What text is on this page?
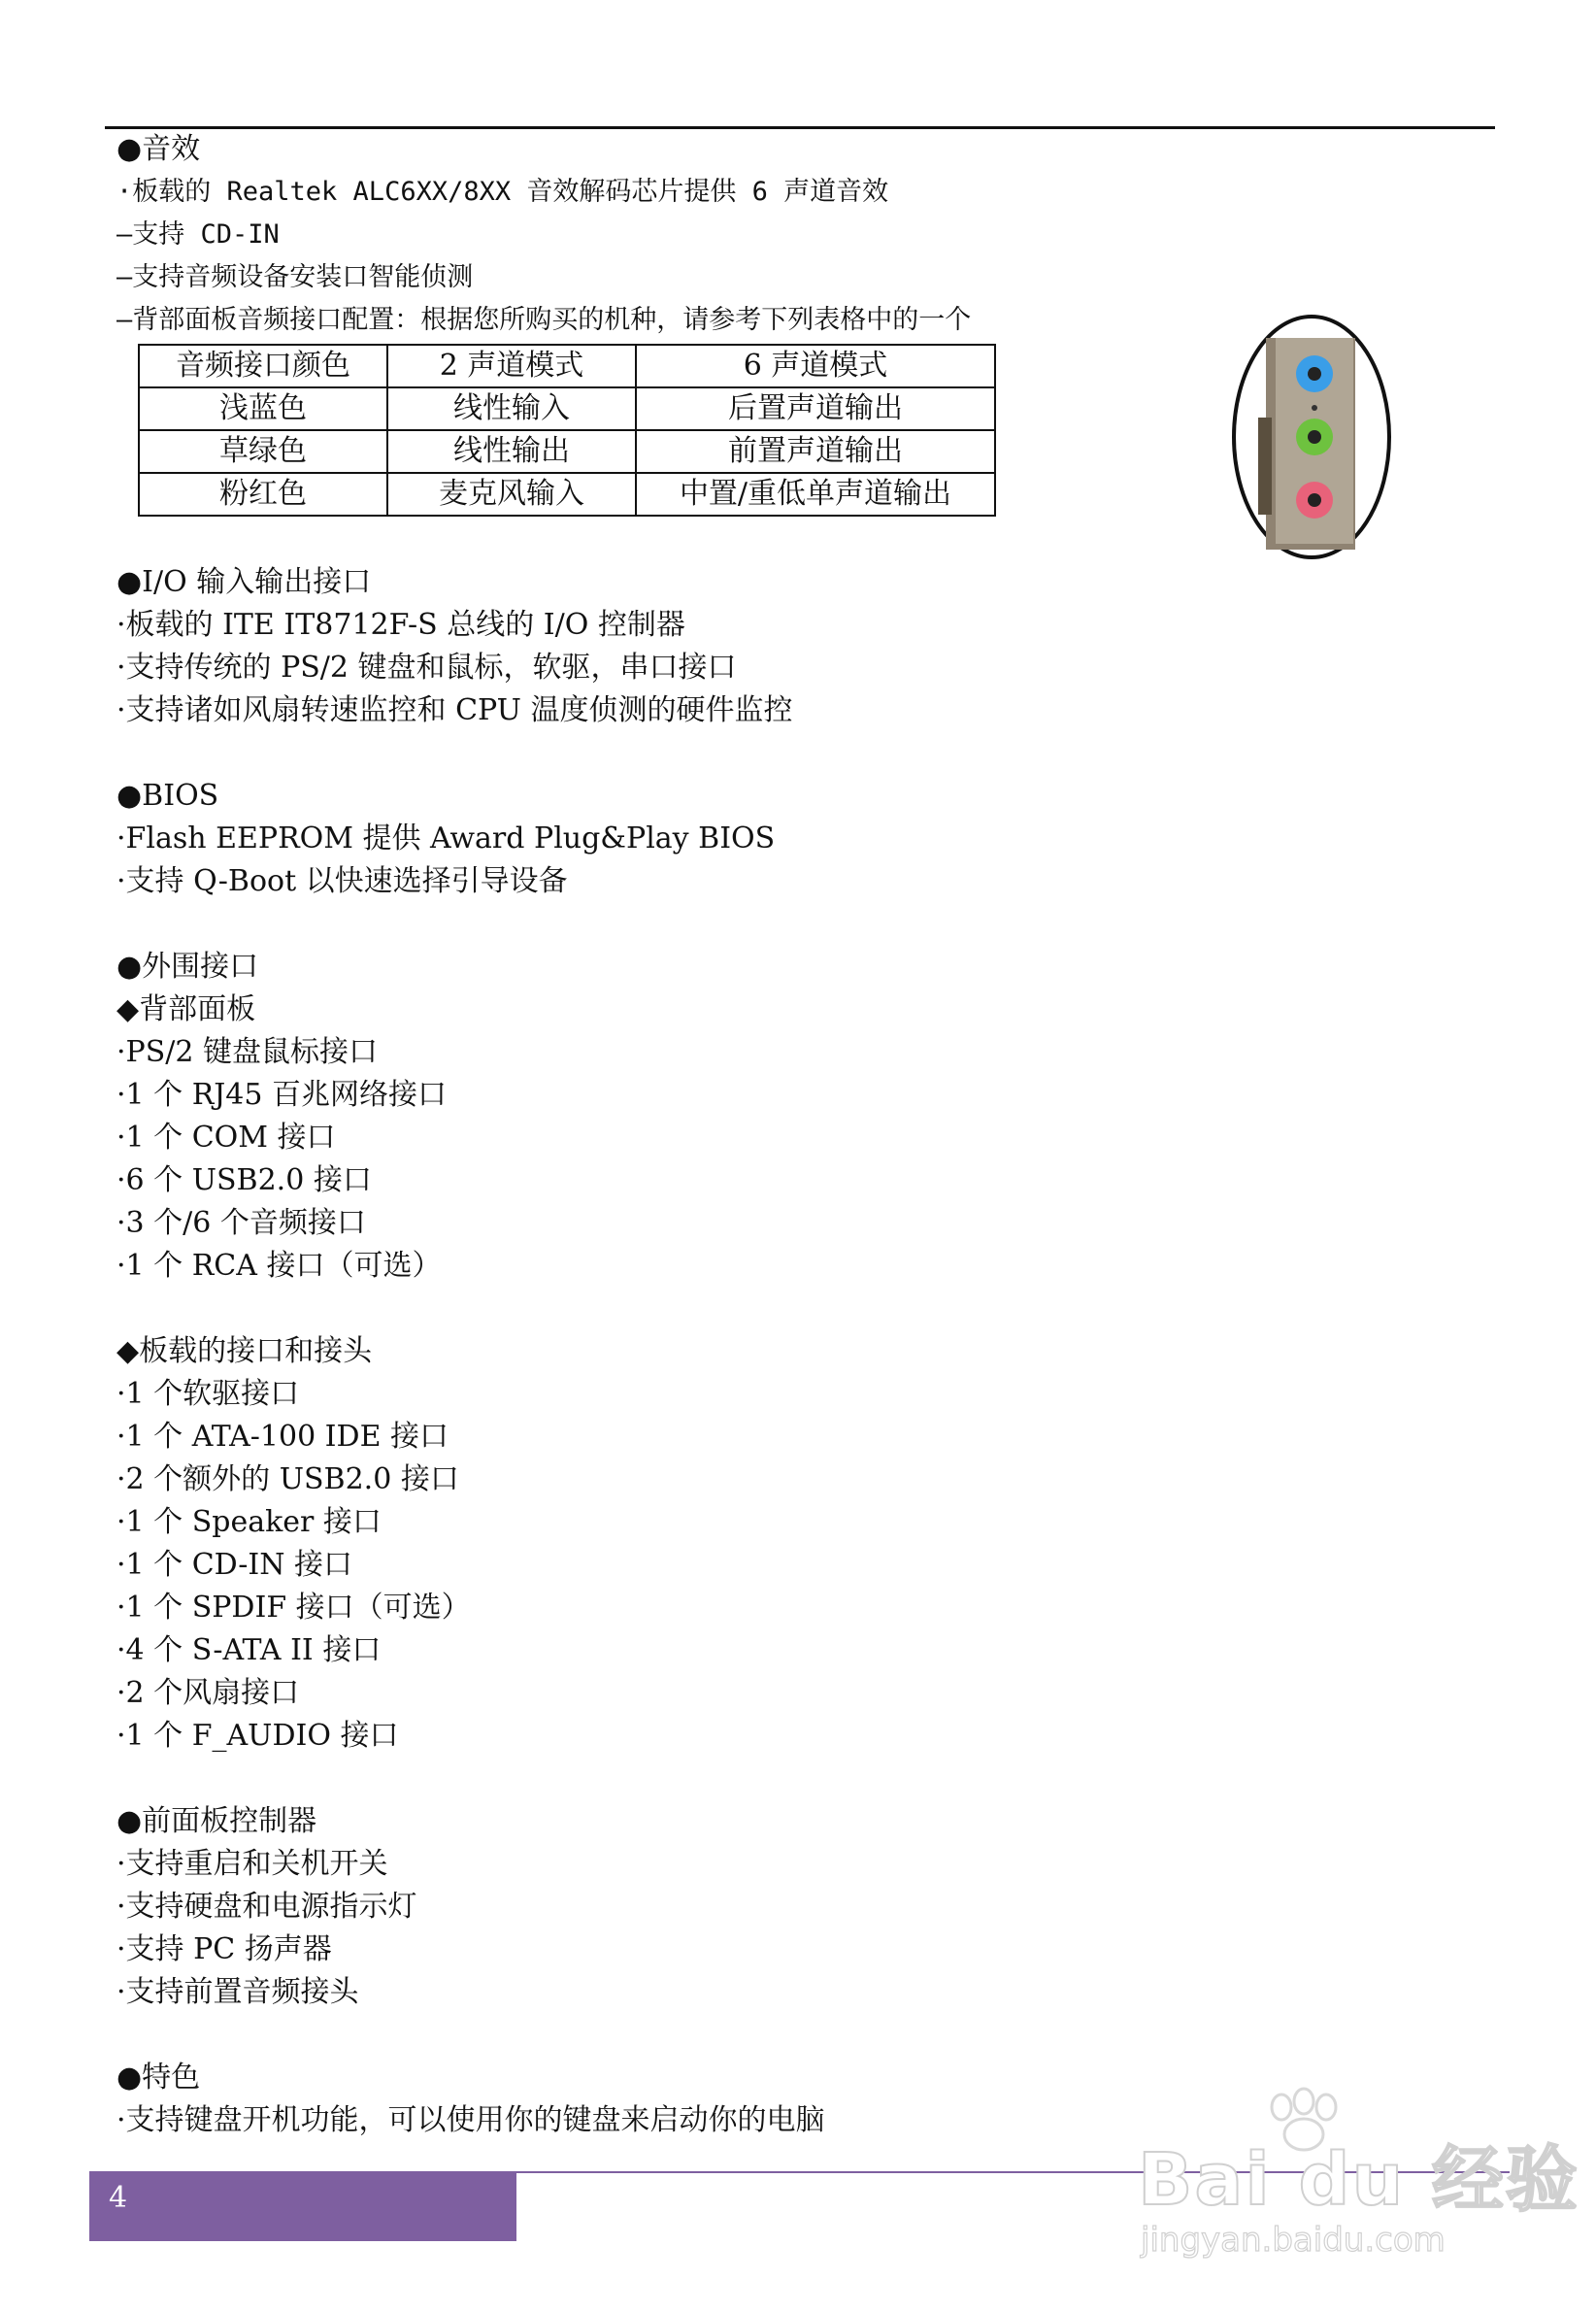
●音效
·板载的 Realtek ALC6XX/8XX 音效解码芯片提供 6 声道音效
—支持 CD-IN
—支持音频设备安装口智能侦测
—背部面板音频接口配置：根据您所购买的机种，请参考下列表格中的一个
音频接口颜色	2 声道模式	6 声道模式
浅蓝色	线性输入	后置声道输出
草绿色	线性输出	前置声道输出
粉红色	麦克风输入	中置/重低单声道输出
●I/O 输入输出接口
·板载的 ITE IT8712F-S 总线的 I/O 控制器
·支持传统的 PS/2 键盘和鼠标，软驱，串口接口
·支持诸如风扇转速监控和 CPU 温度侦测的硬件监控
●BIOS
·Flash EEPROM 提供 Award Plug&Play BIOS
·支持 Q-Boot 以快速选择引导设备
●外围接口
◆背部面板
·PS/2 键盘鼠标接口
·1 个 RJ45 百兆网络接口
·1 个 COM 接口
·6 个 USB2.0 接口
·3 个/6 个音频接口
·1 个 RCA 接口（可选）
◆板载的接口和接头
·1 个软驱接口
·1 个 ATA-100 IDE 接口
·2 个额外的 USB2.0 接口
·1 个 Speaker 接口
·1 个 CD-IN 接口
·1 个 SPDIF 接口（可选）
·4 个 S-ATA II 接口
·2 个风扇接口
·1 个 F_AUDIO 接口
●前面板控制器
·支持重启和关机开关
·支持硬盘和电源指示灯
·支持 PC 扬声器
·支持前置音频接头
●特色
·支持键盘开机功能，可以使用你的键盘来启动你的电脑
4	Bai du 经验
jingyan.baidu.com
